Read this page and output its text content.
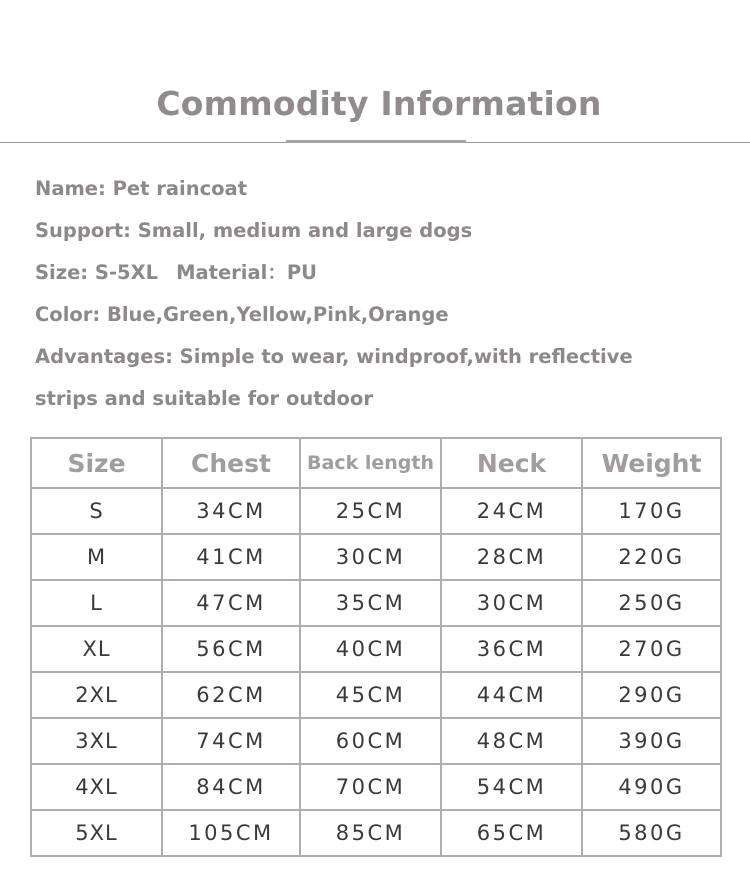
Commodity Information
Name: Pet raincoat
Support: Small, medium and large dogs
Size: S-5XL Material：PU
Color: Blue,Green,Yellow,Pink,Orange
Advantages: Simple to wear, windproof,with reflective
strips and suitable for outdoor
Size	Chest	Back length	Neck	Weight
S	34CM	25CM	24CM	170G
M	41CM	30CM	28CM	220G
L	47CM	35CM	30CM	250G
XL	56CM	40CM	36CM	270G
2XL	62CM	45CM	44CM	290G
3XL	74CM	60CM	48CM	390G
4XL	84CM	70CM	54CM	490G
5XL	105CM	85CM	65CM	580G
